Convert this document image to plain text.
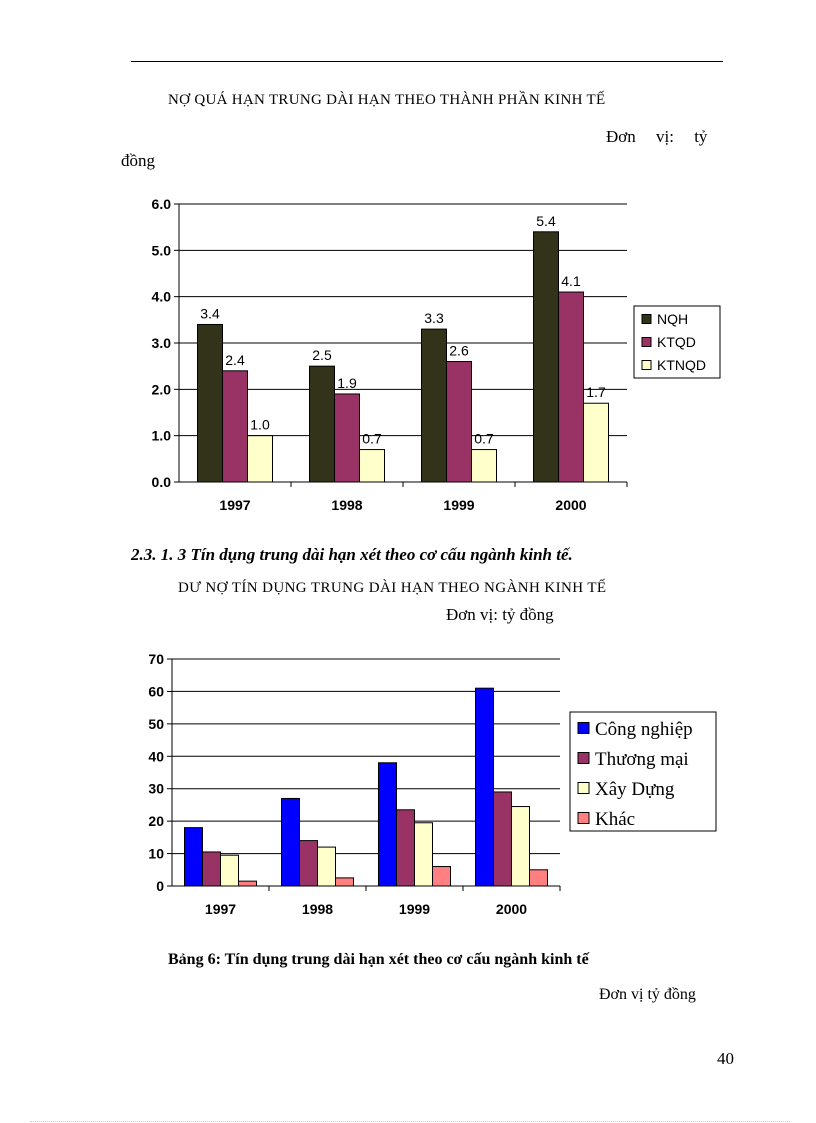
NỢ QUÁ HẠN TRUNG DÀI HẠN THEO THÀNH PHẦN KINH TẾ
Đơn vị: tỷ
đồng
2.3. 1. 3 Tín dụng trung dài hạn xét theo cơ cấu ngành kinh tế.
DƯ NỢ TÍN DỤNG TRUNG DÀI HẠN THEO NGÀNH KINH TẾ
Đơn vị: tỷ đồng
Bảng 6: Tín dụng trung dài hạn xét theo cơ cấu ngành kinh tế
Đơn vị tỷ đồng
40
0.0
1.0
2.0
3.0
4.0
5.0
6.0
1997
3.4
2.4
1.0
1998
2.5
1.9
0.7
1999
3.3
2.6
0.7
2000
5.4
4.1
1.7
NQH
KTQD
KTNQD
0
10
20
30
40
50
60
70
1997	1998	1999	2000
Công nghiệp
Thương mại
Xây Dựng
Khác
